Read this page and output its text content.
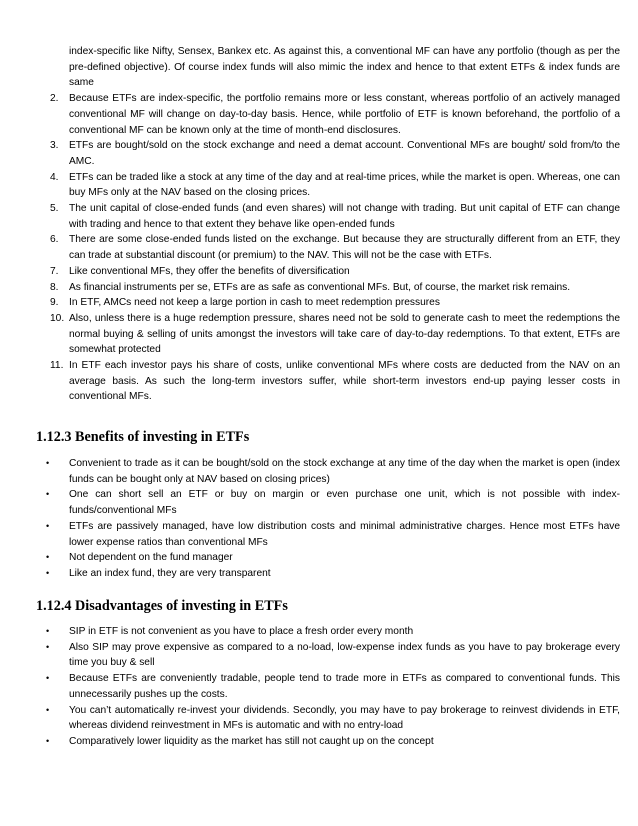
index-specific like Nifty, Sensex, Bankex etc. As against this, a conventional MF can have any portfolio (though as per the pre-defined objective). Of course index funds will also mimic the index and hence to that extent ETFs & index funds are same
2. Because ETFs are index-specific, the portfolio remains more or less constant, whereas portfolio of an actively managed conventional MF will change on day-to-day basis. Hence, while portfolio of ETF is known beforehand, the portfolio of a conventional MF can be known only at the time of month-end disclosures.
3. ETFs are bought/sold on the stock exchange and need a demat account. Conventional MFs are bought/ sold from/to the AMC.
4. ETFs can be traded like a stock at any time of the day and at real-time prices, while the market is open. Whereas, one can buy MFs only at the NAV based on the closing prices.
5. The unit capital of close-ended funds (and even shares) will not change with trading. But unit capital of ETF can change with trading and hence to that extent they behave like open-ended funds
6. There are some close-ended funds listed on the exchange. But because they are structurally different from an ETF, they can trade at substantial discount (or premium) to the NAV. This will not be the case with ETFs.
7. Like conventional MFs, they offer the benefits of diversification
8. As financial instruments per se, ETFs are as safe as conventional MFs. But, of course, the market risk remains.
9. In ETF, AMCs need not keep a large portion in cash to meet redemption pressures
10. Also, unless there is a huge redemption pressure, shares need not be sold to generate cash to meet the redemptions the normal buying & selling of units amongst the investors will take care of day-to-day redemptions. To that extent, ETFs are somewhat protected
11. In ETF each investor pays his share of costs, unlike conventional MFs where costs are deducted from the NAV on an average basis. As such the long-term investors suffer, while short-term investors end-up paying lesser costs in conventional MFs.
1.12.3 Benefits of investing in ETFs
• Convenient to trade as it can be bought/sold on the stock exchange at any time of the day when the market is open (index funds can be bought only at NAV based on closing prices)
• One can short sell an ETF or buy on margin or even purchase one unit, which is not possible with index-funds/conventional MFs
• ETFs are passively managed, have low distribution costs and minimal administrative charges. Hence most ETFs have lower expense ratios than conventional MFs
• Not dependent on the fund manager
• Like an index fund, they are very transparent
1.12.4 Disadvantages of investing in ETFs
• SIP in ETF is not convenient as you have to place a fresh order every month
• Also SIP may prove expensive as compared to a no-load, low-expense index funds as you have to pay brokerage every time you buy & sell
• Because ETFs are conveniently tradable, people tend to trade more in ETFs as compared to conventional funds. This unnecessarily pushes up the costs.
• You can’t automatically re-invest your dividends. Secondly, you may have to pay brokerage to reinvest dividends in ETF, whereas dividend reinvestment in MFs is automatic and with no entry-load
• Comparatively lower liquidity as the market has still not caught up on the concept
